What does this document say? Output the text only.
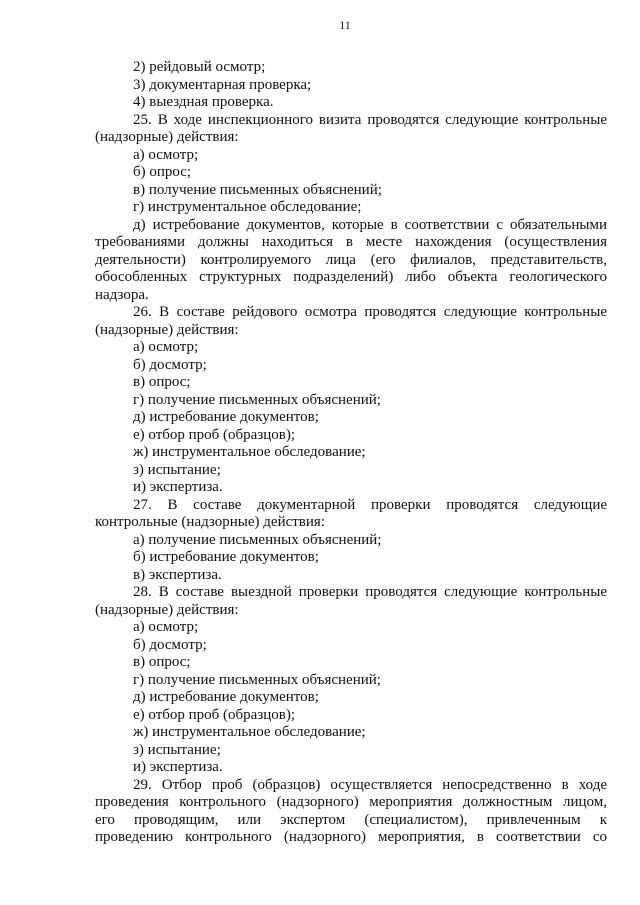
11
2) рейдовый осмотр;
3) документарная проверка;
4) выездная проверка.
25. В ходе инспекционного визита проводятся следующие контрольные
(надзорные) действия:
а) осмотр;
б) опрос;
в) получение письменных объяснений;
г) инструментальное обследование;
д) истребование документов, которые в соответствии с обязательными
требованиями должны находиться в месте нахождения (осуществления
деятельности) контролируемого лица (его филиалов, представительств,
обособленных структурных подразделений) либо объекта геологического
надзора.
26. В составе рейдового осмотра проводятся следующие контрольные
(надзорные) действия:
а) осмотр;
б) досмотр;
в) опрос;
г) получение письменных объяснений;
д) истребование документов;
е) отбор проб (образцов);
ж) инструментальное обследование;
з) испытание;
и) экспертиза.
27. В составе документарной проверки проводятся следующие
контрольные (надзорные) действия:
а) получение письменных объяснений;
б) истребование документов;
в) экспертиза.
28. В составе выездной проверки проводятся следующие контрольные
(надзорные) действия:
а) осмотр;
б) досмотр;
в) опрос;
г) получение письменных объяснений;
д) истребование документов;
е) отбор проб (образцов);
ж) инструментальное обследование;
з) испытание;
и) экспертиза.
29. Отбор проб (образцов) осуществляется непосредственно в ходе
проведения контрольного (надзорного) мероприятия должностным лицом,
его проводящим, или экспертом (специалистом), привлеченным к
проведению контрольного (надзорного) мероприятия, в соответствии со
